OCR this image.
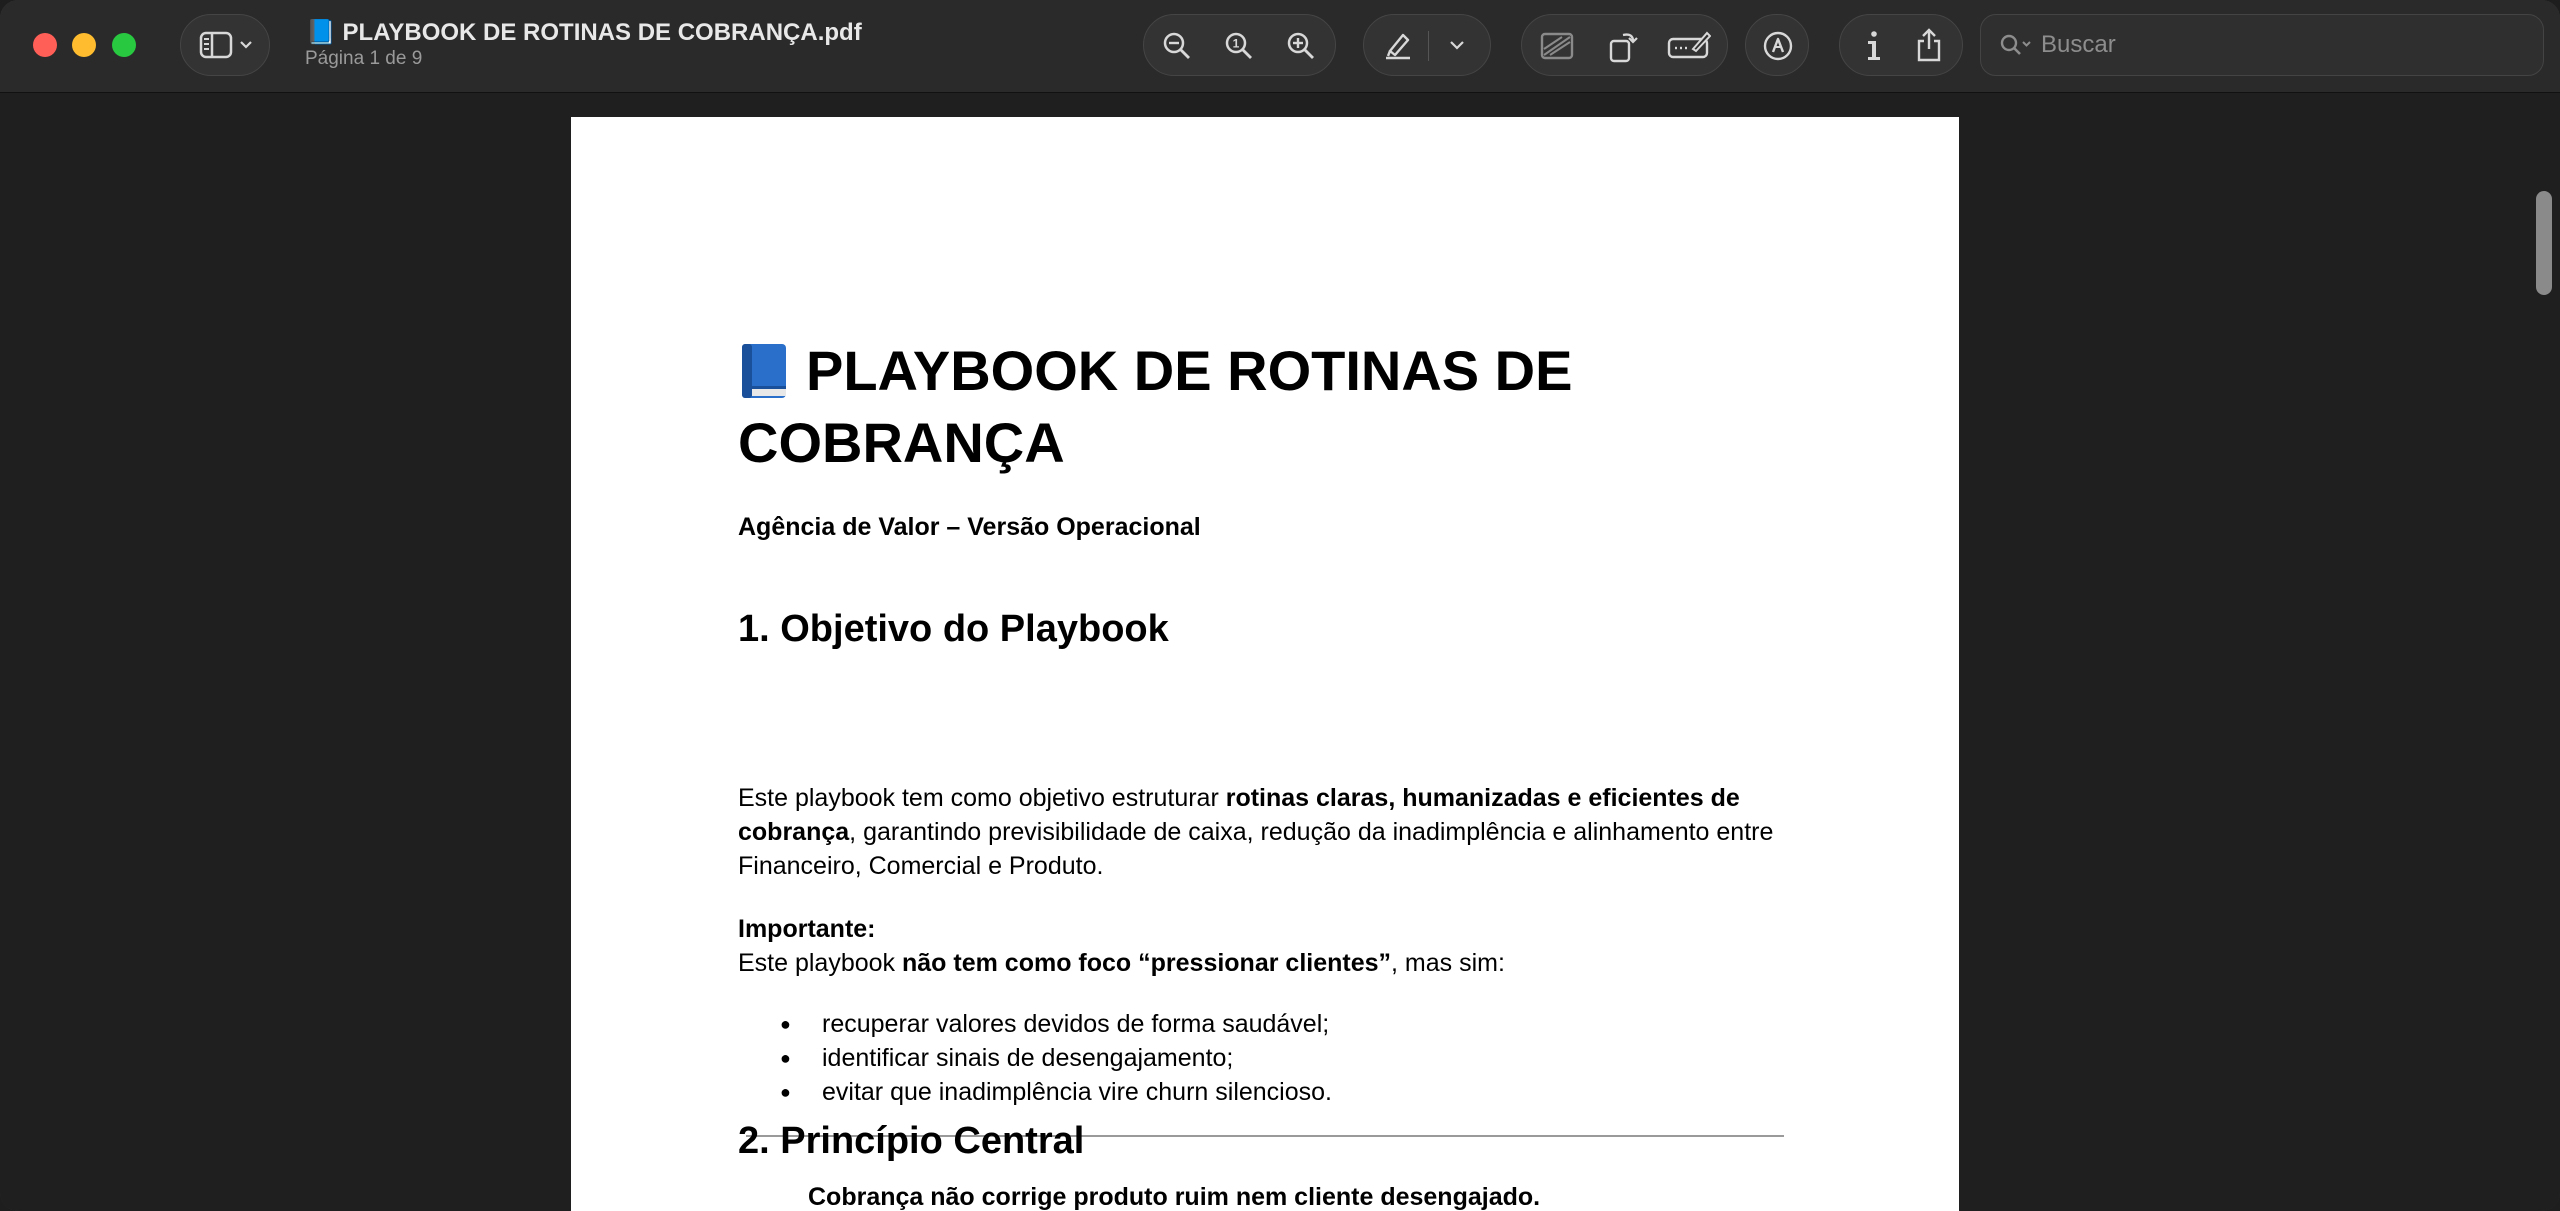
📘 PLAYBOOK DE ROTINAS DE COBRANÇA.pdf
Página 1 de 9
1	Buscar
PLAYBOOK DE ROTINAS DE COBRANÇA
Agência de Valor – Versão Operacional
1. Objetivo do Playbook
Este playbook tem como objetivo estruturar rotinas claras, humanizadas e eficientes de cobrança, garantindo previsibilidade de caixa, redução da inadimplência e alinhamento entre Financeiro, Comercial e Produto.
Importante:
Este playbook não tem como foco “pressionar clientes”, mas sim:
● recuperar valores devidos de forma saudável;
● identificar sinais de desengajamento;
● evitar que inadimplência vire churn silencioso.
2. Princípio Central
Cobrança não corrige produto ruim nem cliente desengajado.
